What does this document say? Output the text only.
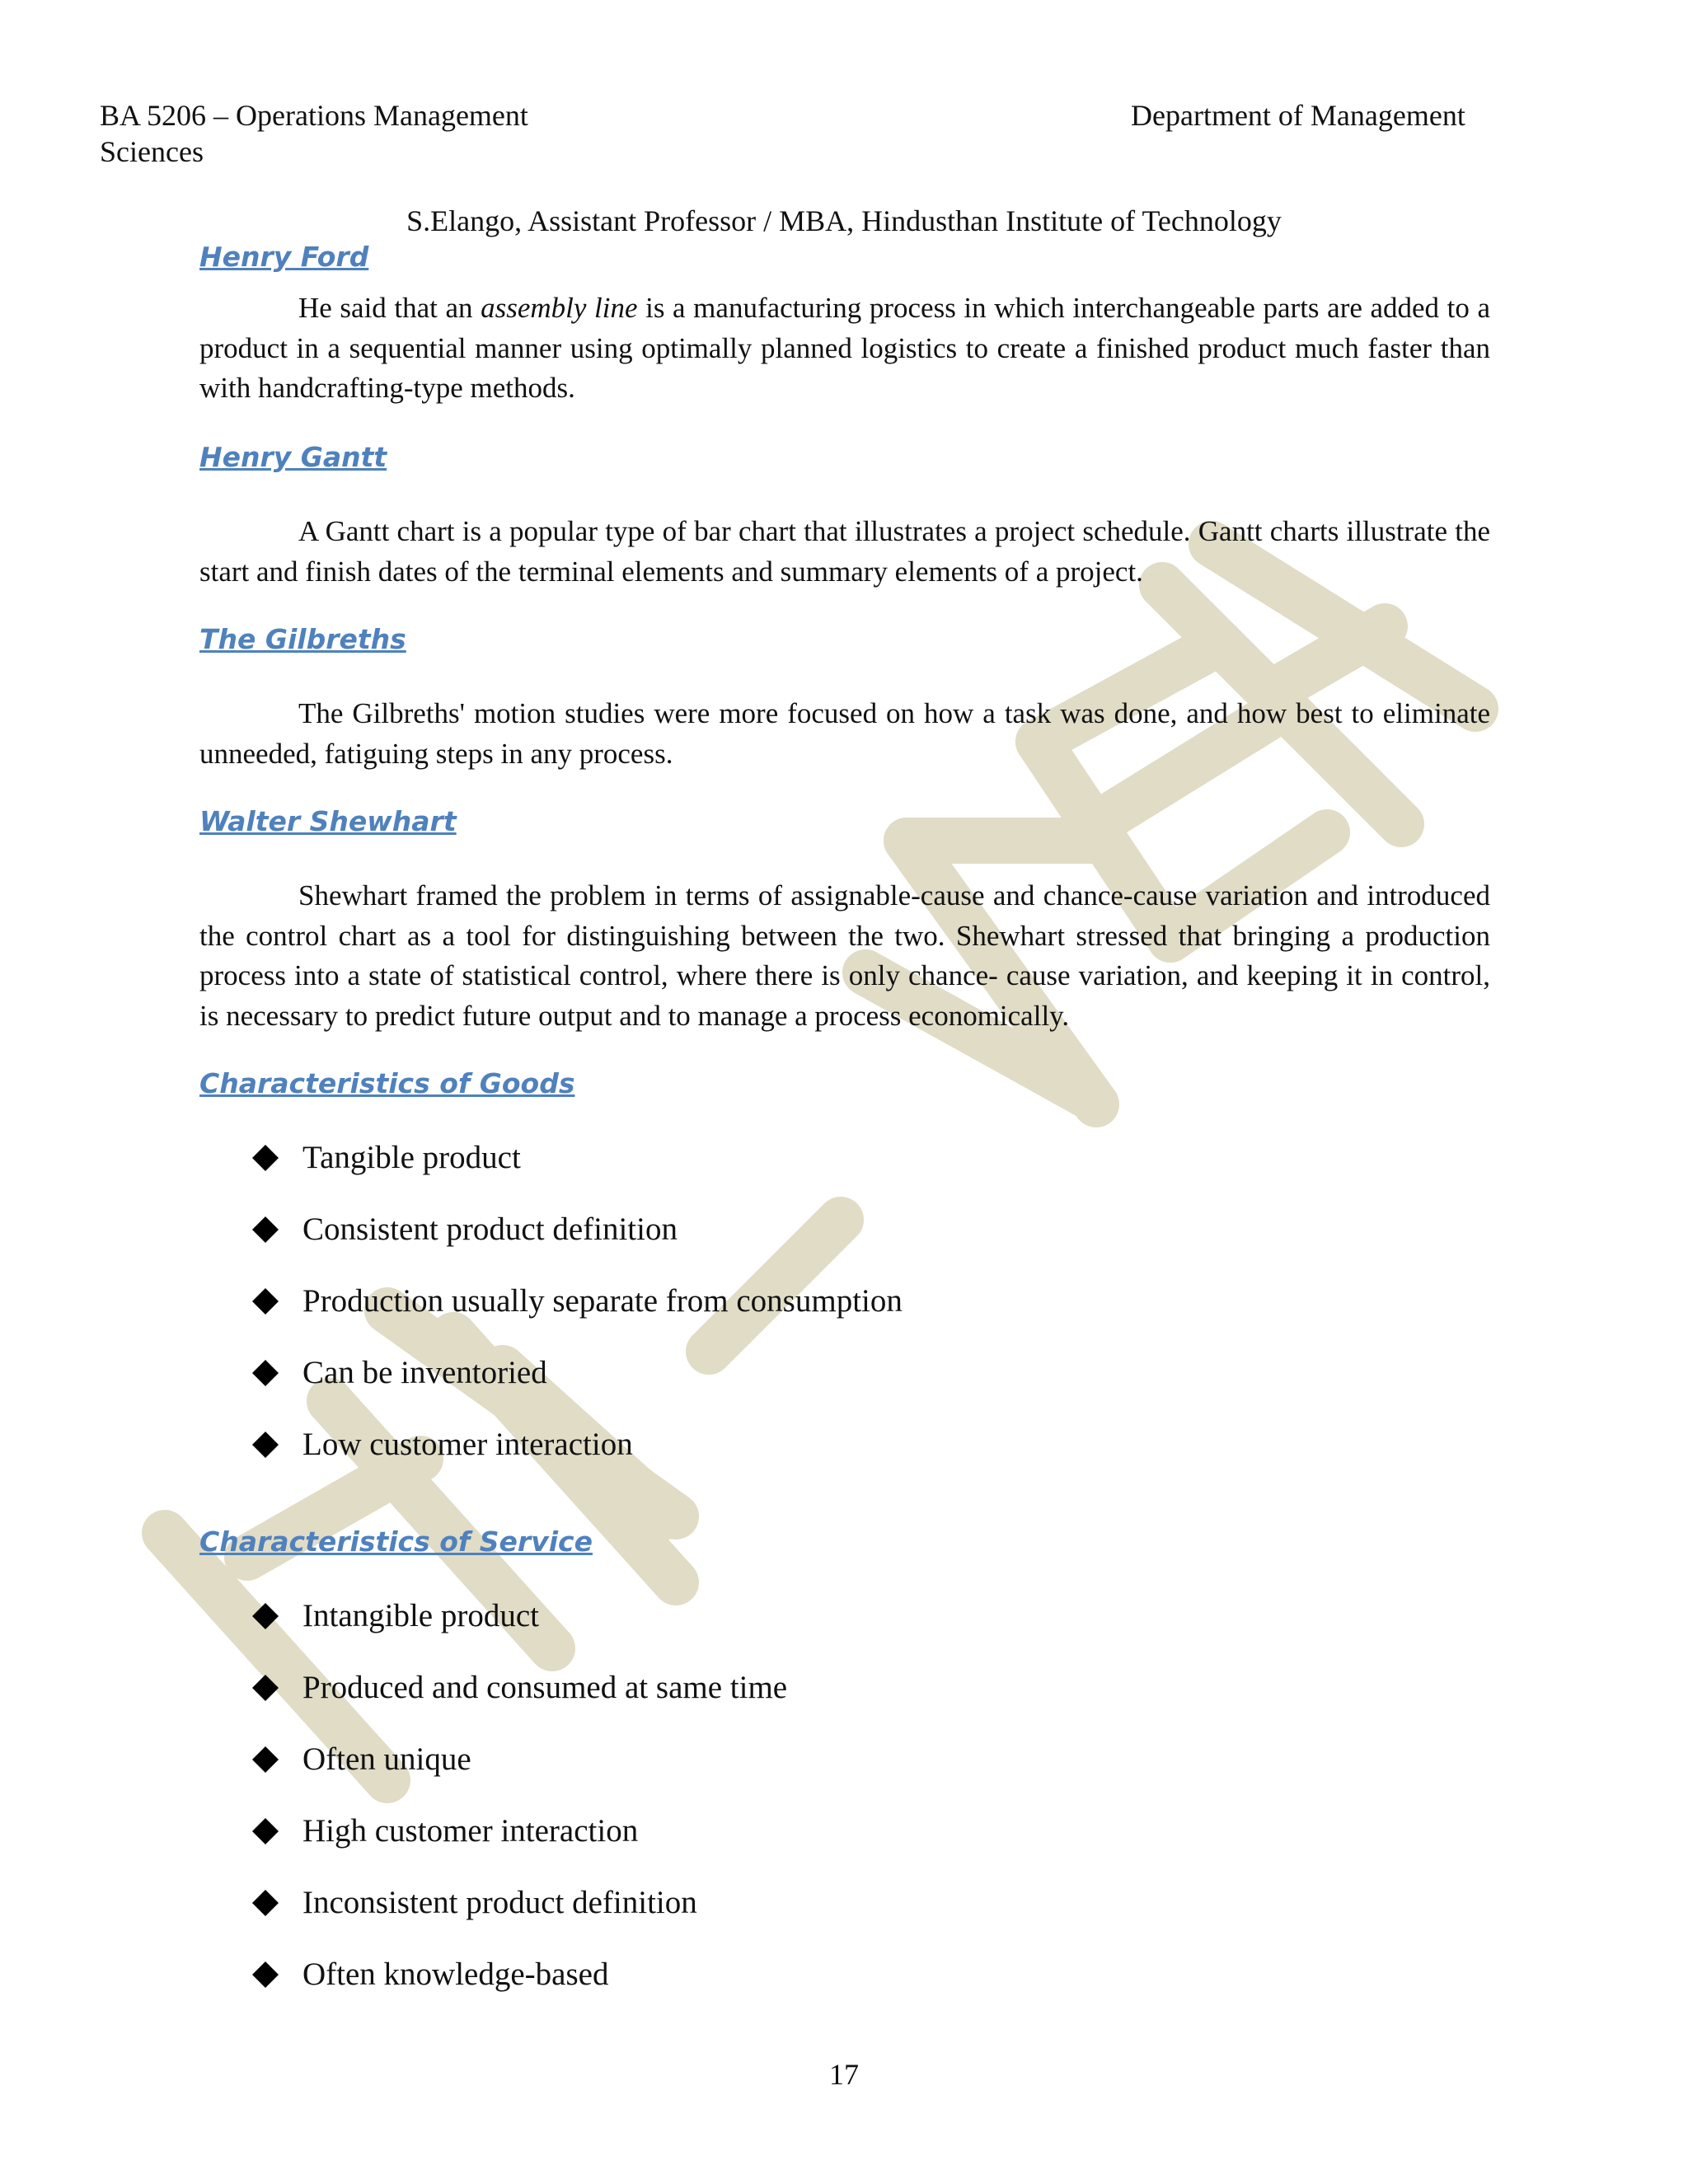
BA 5206 – Operations Management
Sciences
Department of Management
S.Elango, Assistant Professor / MBA, Hindusthan Institute of Technology
Henry Ford

He said that an assembly line is a manufacturing process in which interchangeable parts are added to a product in a sequential manner using optimally planned logistics to create a finished product much faster than with handcrafting-type methods.

Henry Gantt

A Gantt chart is a popular type of bar chart that illustrates a project schedule. Gantt charts illustrate the start and finish dates of the terminal elements and summary elements of a project.

The Gilbreths

The Gilbreths' motion studies were more focused on how a task was done, and how best to eliminate unneeded, fatiguing steps in any process.

Walter Shewhart

Shewhart framed the problem in terms of assignable-cause and chance-cause variation and introduced the control chart as a tool for distinguishing between the two. Shewhart stressed that bringing a production process into a state of statistical control, where there is only chance- cause variation, and keeping it in control, is necessary to predict future output and to manage a process economically.

Characteristics of Goods
Tangible product
Consistent product definition
Production usually separate from consumption
Can be inventoried
Low customer interaction
Characteristics of Service
Intangible product
Produced and consumed at same time
Often unique
High customer interaction
Inconsistent product definition
Often knowledge-based
17
